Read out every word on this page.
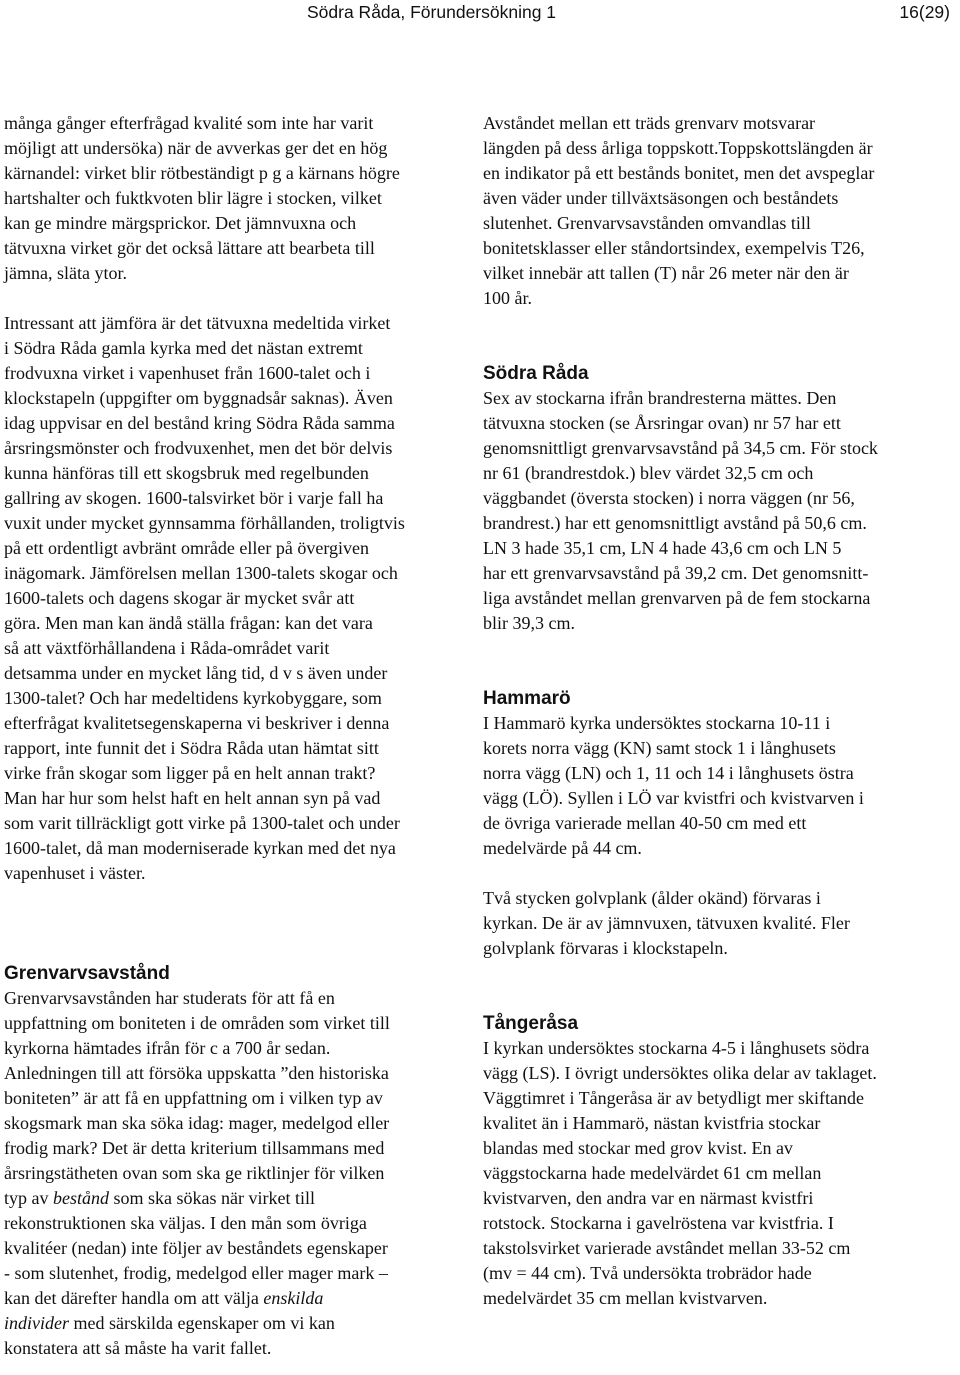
Södra Råda, Förundersökning 1	16(29)

många gånger efterfrågad kvalité som inte har varit
möjligt att undersöka) när de avverkas ger det en hög
kärnandel: virket blir rötbeständigt p g a kärnans högre
hartshalter och fuktkvoten blir lägre i stocken, vilket
kan ge mindre märgsprickor. Det jämnvuxna och
tätvuxna virket gör det också lättare att bearbeta till
jämna, släta ytor.

Intressant att jämföra är det tätvuxna medeltida virket
i Södra Råda gamla kyrka med det nästan extremt
frodvuxna virket i vapenhuset från 1600-talet och i
klockstapeln (uppgifter om byggnadsår saknas). Även
idag uppvisar en del bestånd kring Södra Råda samma
årsringsmönster och frodvuxenhet, men det bör delvis
kunna hänföras till ett skogsbruk med regelbunden
gallring av skogen. 1600-talsvirket bör i varje fall ha
vuxit under mycket gynnsamma förhållanden, troligtvis
på ett ordentligt avbränt område eller på övergiven
inägomark. Jämförelsen mellan 1300-talets skogar och
1600-talets och dagens skogar är mycket svår att
göra. Men man kan ändå ställa frågan: kan det vara
så att växtförhållandena i Råda-området varit
detsamma under en mycket lång tid, d v s även under
1300-talet? Och har medeltidens kyrkobyggare, som
efterfrågat kvalitetsegenskaperna vi beskriver i denna
rapport, inte funnit det i Södra Råda utan hämtat sitt
virke från skogar som ligger på en helt annan trakt?
Man har hur som helst haft en helt annan syn på vad
som varit tillräckligt gott virke på 1300-talet och under
1600-talet, då man moderniserade kyrkan med det nya
vapenhuset i väster.

Grenvarvsavstånd

Grenvarvsavstånden har studerats för att få en
uppfattning om boniteten i de områden som virket till
kyrkorna hämtades ifrån för c a 700 år sedan.
Anledningen till att försöka uppskatta ”den historiska
boniteten” är att få en uppfattning om i vilken typ av
skogsmark man ska söka idag: mager, medelgod eller
frodig mark? Det är detta kriterium tillsammans med
årsringstätheten ovan som ska ge riktlinjer för vilken
typ av bestånd som ska sökas när virket till
rekonstruktionen ska väljas. I den mån som övriga
kvalitéer (nedan) inte följer av beståndets egenskaper
- som slutenhet, frodig, medelgod eller mager mark –
kan det därefter handla om att välja enskilda
individer med särskilda egenskaper om vi kan
konstatera att så måste ha varit fallet.

Avståndet mellan ett träds grenvarv motsvarar
längden på dess årliga toppskott.Toppskottslängden är
en indikator på ett bestånds bonitet, men det avspeglar
även väder under tillväxtsäsongen och beståndets
slutenhet. Grenvarvsavstånden omvandlas till
bonitetsklasser eller ståndortsindex, exempelvis T26,
vilket innebär att tallen (T) når 26 meter när den är
100 år.

Södra Råda

Sex av stockarna ifrån brandresterna mättes. Den
tätvuxna stocken (se Årsringar ovan) nr 57 har ett
genomsnittligt grenvarvsavstånd på 34,5 cm. För stock
nr 61 (brandrestdok.) blev värdet 32,5 cm och
väggbandet (översta stocken) i norra väggen (nr 56,
brandrest.) har ett genomsnittligt avstånd på 50,6 cm.
LN 3 hade 35,1 cm, LN 4 hade 43,6 cm och LN 5
har ett grenvarvsavstånd på 39,2 cm. Det genomsnitt-
liga avståndet mellan grenvarven på de fem stockarna
blir 39,3 cm.

Hammarö

I Hammarö kyrka undersöktes stockarna 10-11 i
korets norra vägg (KN) samt stock 1 i långhusets
norra vägg (LN) och 1, 11 och 14 i långhusets östra
vägg (LÖ). Syllen i LÖ var kvistfri och kvistvarven i
de övriga varierade mellan 40-50 cm med ett
medelvärde på 44 cm.

Två stycken golvplank (ålder okänd) förvaras i
kyrkan. De är av jämnvuxen, tätvuxen kvalité. Fler
golvplank förvaras i klockstapeln.

Tångeråsa

I kyrkan undersöktes stockarna 4-5 i långhusets södra
vägg (LS). I övrigt undersöktes olika delar av taklaget.
Väggtimret i Tångeråsa är av betydligt mer skiftande
kvalitet än i Hammarö, nästan kvistfria stockar
blandas med stockar med grov kvist. En av
väggstockarna hade medelvärdet 61 cm mellan
kvistvarven, den andra var en närmast kvistfri
rotstock. Stockarna i gavelröstena var kvistfria. I
takstolsvirket varierade avstândet mellan 33-52 cm
(mv = 44 cm). Två undersökta trobrädor hade
medelvärdet 35 cm mellan kvistvarven.
